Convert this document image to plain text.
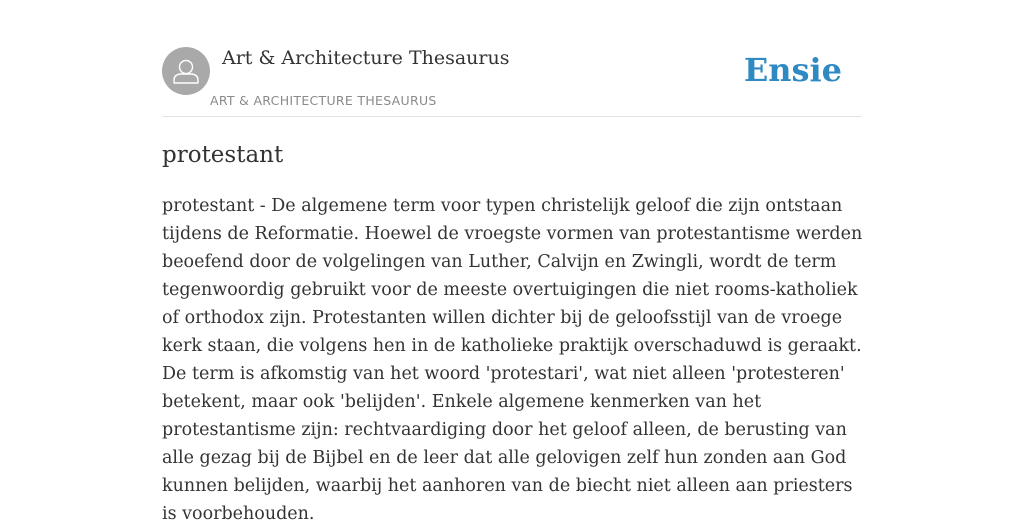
Art & Architecture Thesaurus
ART & ARCHITECTURE THESAURUS
Ensie
protestant

protestant - De algemene term voor typen christelijk geloof die zijn ontstaan tijdens de Reformatie. Hoewel de vroegste vormen van protestantisme werden beoefend door de volgelingen van Luther, Calvijn en Zwingli, wordt de term tegenwoordig gebruikt voor de meeste overtuigingen die niet rooms-katholiek of orthodox zijn. Protestanten willen dichter bij de geloofsstijl van de vroege kerk staan, die volgens hen in de katholieke praktijk overschaduwd is geraakt. De term is afkomstig van het woord 'protestari', wat niet alleen 'protesteren' betekent, maar ook 'belijden'. Enkele algemene kenmerken van het protestantisme zijn: rechtvaardiging door het geloof alleen, de berusting van alle gezag bij de Bijbel en de leer dat alle gelovigen zelf hun zonden aan God kunnen belijden, waarbij het aanhoren van de biecht niet alleen aan priesters is voorbehouden.
